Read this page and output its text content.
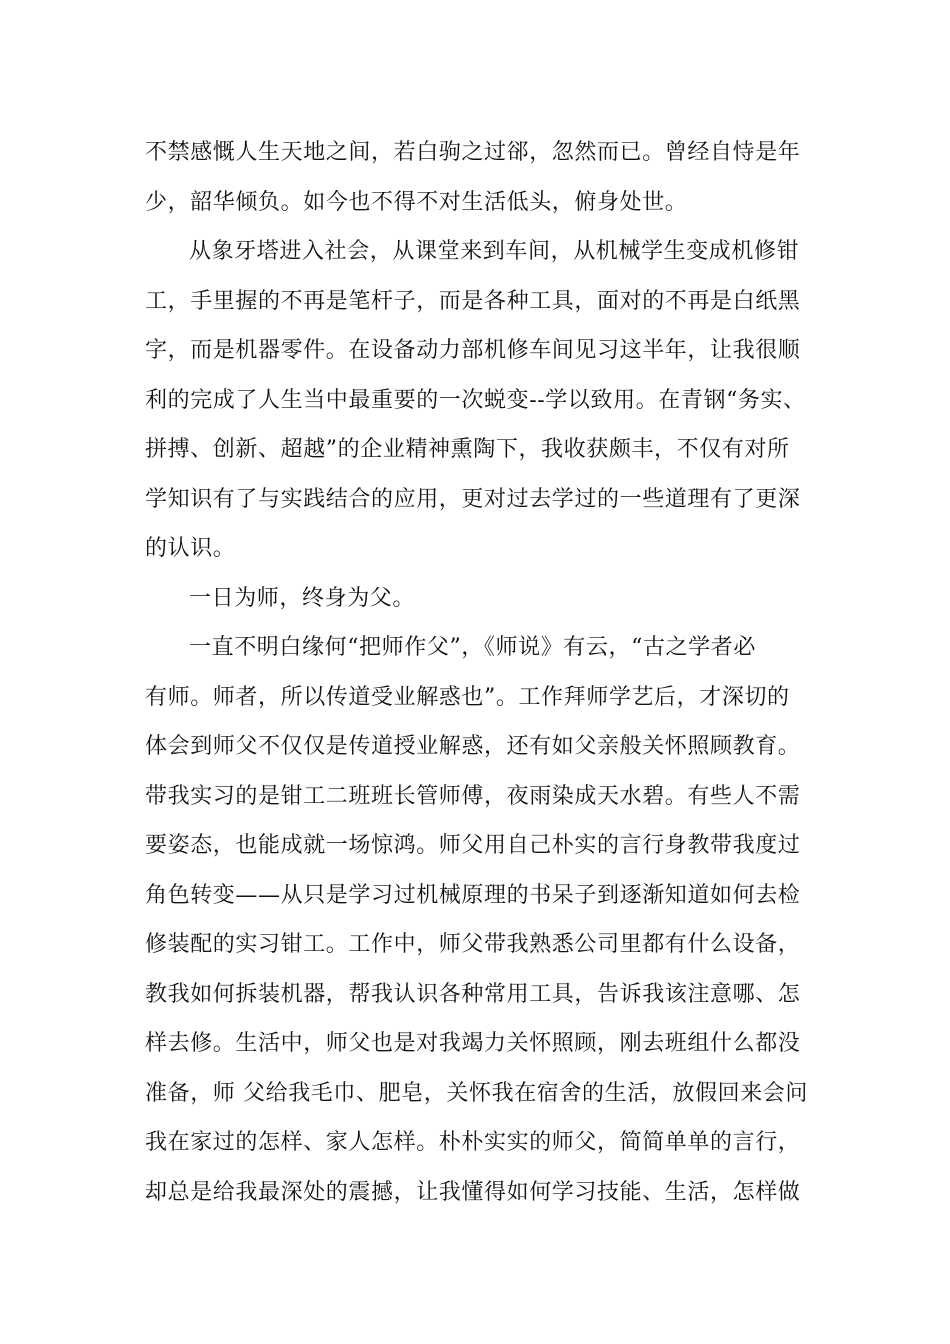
不禁感慨人生天地之间，若白驹之过郤，忽然而已。曾经自恃是年
少，韶华倾负。如今也不得不对生活低头，俯身处世。
从象牙塔进入社会，从课堂来到车间，从机械学生变成机修钳
工，手里握的不再是笔杆子，而是各种工具，面对的不再是白纸黑
字，而是机器零件。在设备动力部机修车间见习这半年，让我很顺
利的完成了人生当中最重要的一次蜕变--学以致用。在青钢“务实、
拼搏、创新、超越”的企业精神熏陶下，我收获颇丰，不仅有对所
学知识有了与实践结合的应用，更对过去学过的一些道理有了更深
的认识。
一日为师，终身为父。
一直不明白缘何“把师作父”，《师说》有云，“古之学者必
有师。师者，所以传道受业解惑也”。工作拜师学艺后，才深切的
体会到师父不仅仅是传道授业解惑，还有如父亲般关怀照顾教育。
带我实习的是钳工二班班长管师傅，夜雨染成天水碧。有些人不需
要姿态，也能成就一场惊鸿。师父用自己朴实的言行身教带我度过
角色转变——从只是学习过机械原理的书呆子到逐渐知道如何去检
修装配的实习钳工。工作中，师父带我熟悉公司里都有什么设备，
教我如何拆装机器，帮我认识各种常用工具，告诉我该注意哪、怎
样去修。生活中，师父也是对我竭力关怀照顾，刚去班组什么都没
准备，师 父给我毛巾、肥皂，关怀我在宿舍的生活，放假回来会问
我在家过的怎样、家人怎样。朴朴实实的师父，简简单单的言行，
却总是给我最深处的震撼，让我懂得如何学习技能、生活，怎样做
